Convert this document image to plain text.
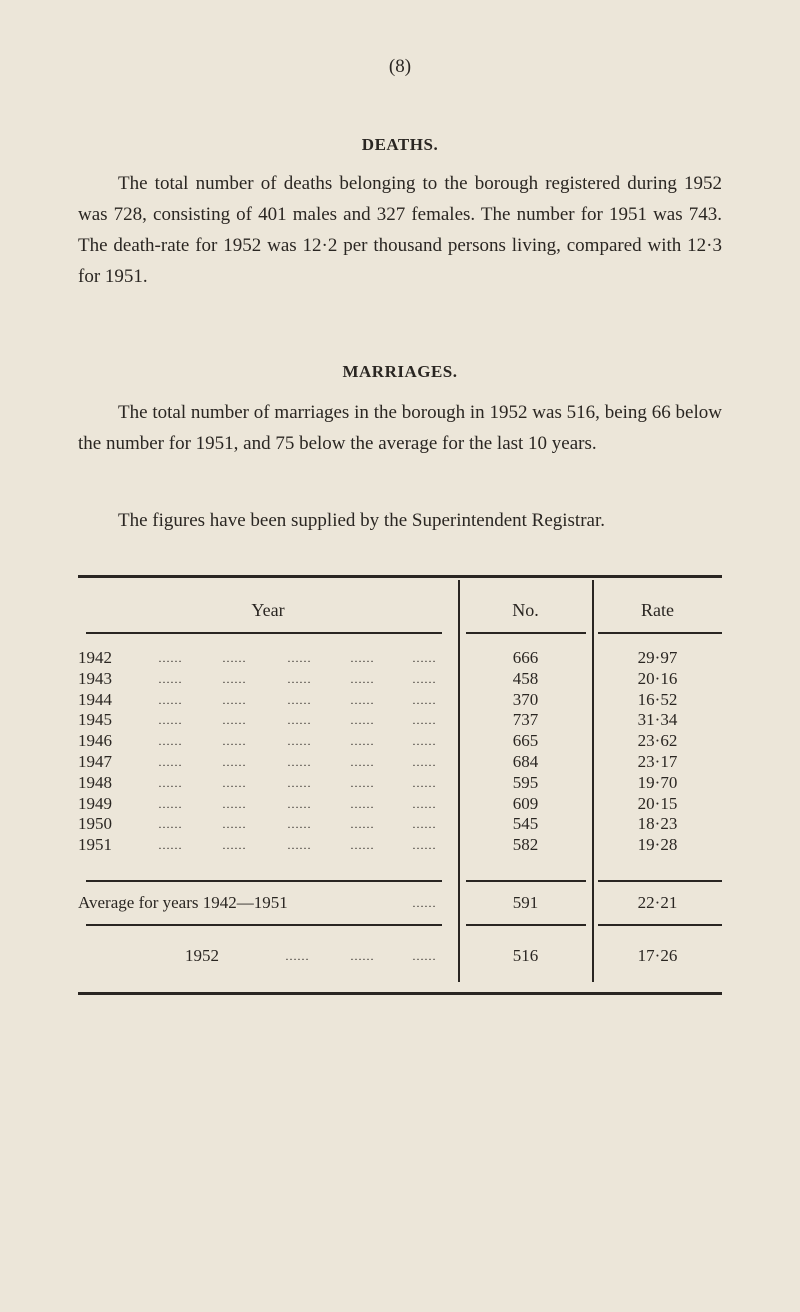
(8)
DEATHS.
The total number of deaths belonging to the borough registered during 1952 was 728, consisting of 401 males and 327 females. The number for 1951 was 743. The death-rate for 1952 was 12·2 per thousand persons living, compared with 12·3 for 1951.
MARRIAGES.
The total number of marriages in the borough in 1952 was 516, being 66 below the number for 1951, and 75 below the average for the last 10 years.
The figures have been supplied by the Superintendent Registrar.
Year	No.	Rate
1942	……	……	……	……	……	666	29·97
1943	……	……	……	……	……	458	20·16
1944	……	……	……	……	……	370	16·52
1945	……	……	……	……	……	737	31·34
1946	……	……	……	……	……	665	23·62
1947	……	……	……	……	……	684	23·17
1948	……	……	……	……	……	595	19·70
1949	……	……	……	……	……	609	20·15
1950	……	……	……	……	……	545	18·23
1951	……	……	……	……	……	582	19·28
Average for years 1942—1951	……	591	22·21
1952	……	……	……	516	17·26
